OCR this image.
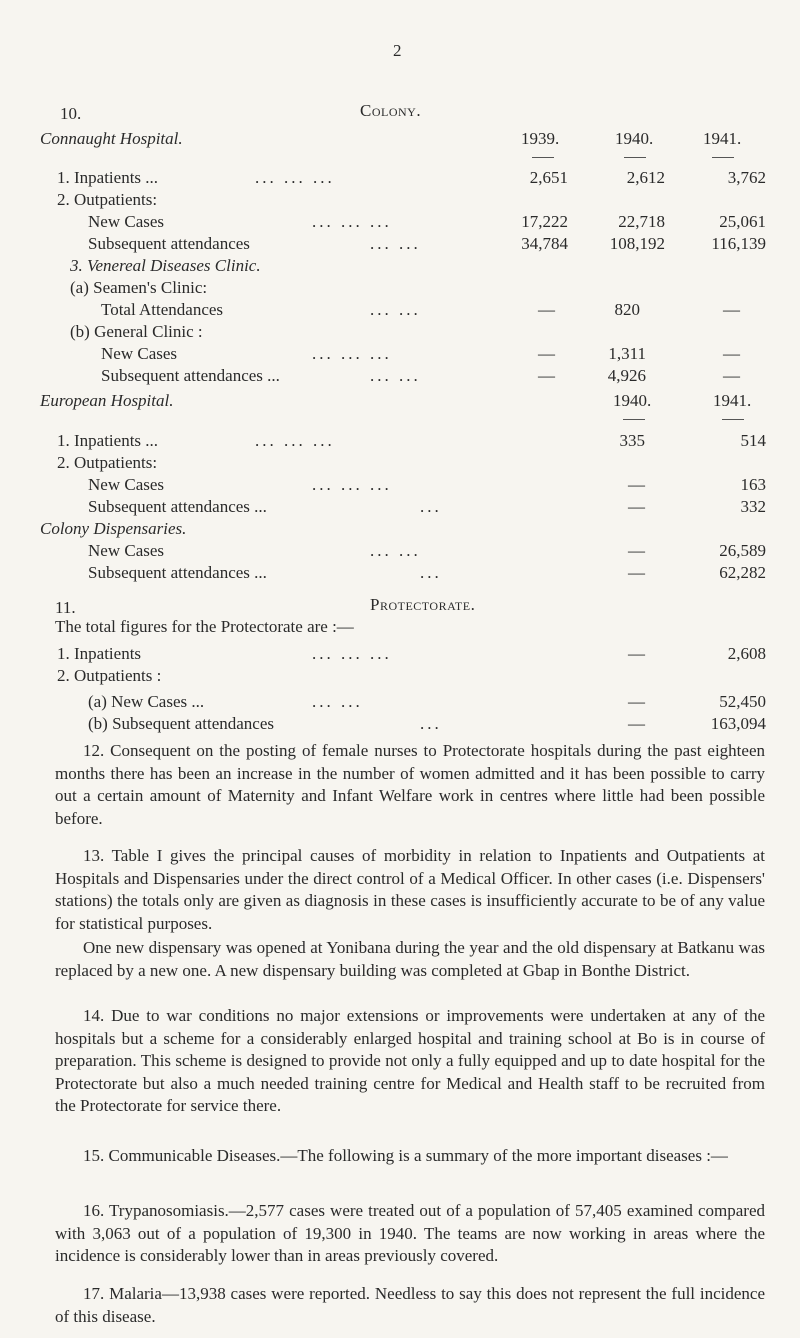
2
10.	Colony.
Connaught Hospital.	1939.	1940.	1941.
1. Inpatients ...	... ... ...	2,651	2,612	3,762
2. Outpatients:
New Cases	... ... ...	17,222	22,718	25,061
Subsequent attendances	... ...	34,784	108,192	116,139
3. Venereal Diseases Clinic.
(a) Seamen's Clinic:
Total Attendances	... ...	—	820	—
(b) General Clinic :
New Cases	... ... ...	—	1,311	—
Subsequent attendances ...	... ...	—	4,926	—
European Hospital.	1940.	1941.
1. Inpatients ...	... ... ...	335	514
2. Outpatients:
New Cases	... ... ...	—	163
Subsequent attendances ...	...	—	332
Colony Dispensaries.
New Cases	... ...	—	26,589
Subsequent attendances ...	...	—	62,282
11.	Protectorate.
The total figures for the Protectorate are :—
1. Inpatients	... ... ...	—	2,608
2. Outpatients :
(a) New Cases ...	... ...	—	52,450
(b) Subsequent attendances	...	—	163,094

12. Consequent on the posting of female nurses to Protectorate hospitals during the past eighteen months there has been an increase in the number of women admitted and it has been possible to carry out a certain amount of Maternity and Infant Welfare work in centres where little had been possible before.

13. Table I gives the principal causes of morbidity in relation to Inpatients and Outpatients at Hospitals and Dispensaries under the direct control of a Medical Officer. In other cases (i.e. Dispensers' stations) the totals only are given as diagnosis in these cases is insufficiently accurate to be of any value for statistical purposes.

One new dispensary was opened at Yonibana during the year and the old dispensary at Batkanu was replaced by a new one. A new dispensary building was completed at Gbap in Bonthe District.

14. Due to war conditions no major extensions or improvements were undertaken at any of the hospitals but a scheme for a considerably enlarged hospital and training school at Bo is in course of preparation. This scheme is designed to provide not only a fully equipped and up to date hospital for the Protectorate but also a much needed training centre for Medical and Health staff to be recruited from the Protectorate for service there.

15. Communicable Diseases.—The following is a summary of the more important diseases :—

16. Trypanosomiasis.—2,577 cases were treated out of a population of 57,405 examined compared with 3,063 out of a population of 19,300 in 1940. The teams are now working in areas where the incidence is considerably lower than in areas previously covered.

17. Malaria—13,938 cases were reported. Needless to say this does not represent the full incidence of this disease.
